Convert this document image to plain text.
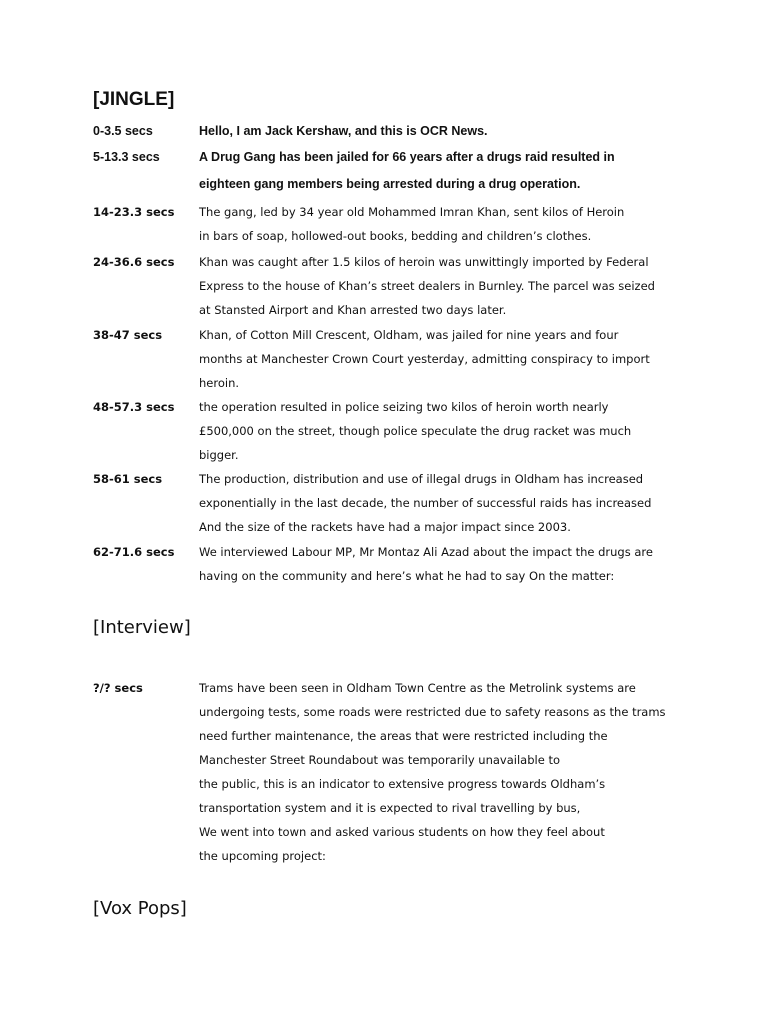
[JINGLE]
0-3.5 secs	Hello, I am Jack Kershaw, and this is OCR News.
5-13.3 secs	A Drug Gang has been jailed for 66 years after a drugs raid resulted in
eighteen gang members being arrested during a drug operation.
14-23.3 secs The gang, led by 34 year old Mohammed Imran Khan, sent kilos of Heroin
in bars of soap, hollowed-out books, bedding and children’s clothes.
24-36.6 secs Khan was caught after 1.5 kilos of heroin was unwittingly imported by Federal
Express to the house of Khan’s street dealers in Burnley. The parcel was seized
at Stansted Airport and Khan arrested two days later.
38-47 secs	Khan, of Cotton Mill Crescent, Oldham, was jailed for nine years and four
months at Manchester Crown Court yesterday, admitting conspiracy to import
heroin.
48-57.3 secs the operation resulted in police seizing two kilos of heroin worth nearly
£500,000 on the street, though police speculate the drug racket was much
bigger.
58-61 secs	The production, distribution and use of illegal drugs in Oldham has increased
exponentially in the last decade, the number of successful raids has increased
And the size of the rackets have had a major impact since 2003.
62-71.6 secs We interviewed Labour MP, Mr Montaz Ali Azad about the impact the drugs are
having on the community and here’s what he had to say On the matter:
[Interview]
?/? secs	Trams have been seen in Oldham Town Centre as the Metrolink systems are
undergoing tests, some roads were restricted due to safety reasons as the trams
need further maintenance, the areas that were restricted including the
Manchester Street Roundabout was temporarily unavailable to
the public, this is an indicator to extensive progress towards Oldham’s
transportation system and it is expected to rival travelling by bus,
We went into town and asked various students on how they feel about
the upcoming project:
[Vox Pops]
